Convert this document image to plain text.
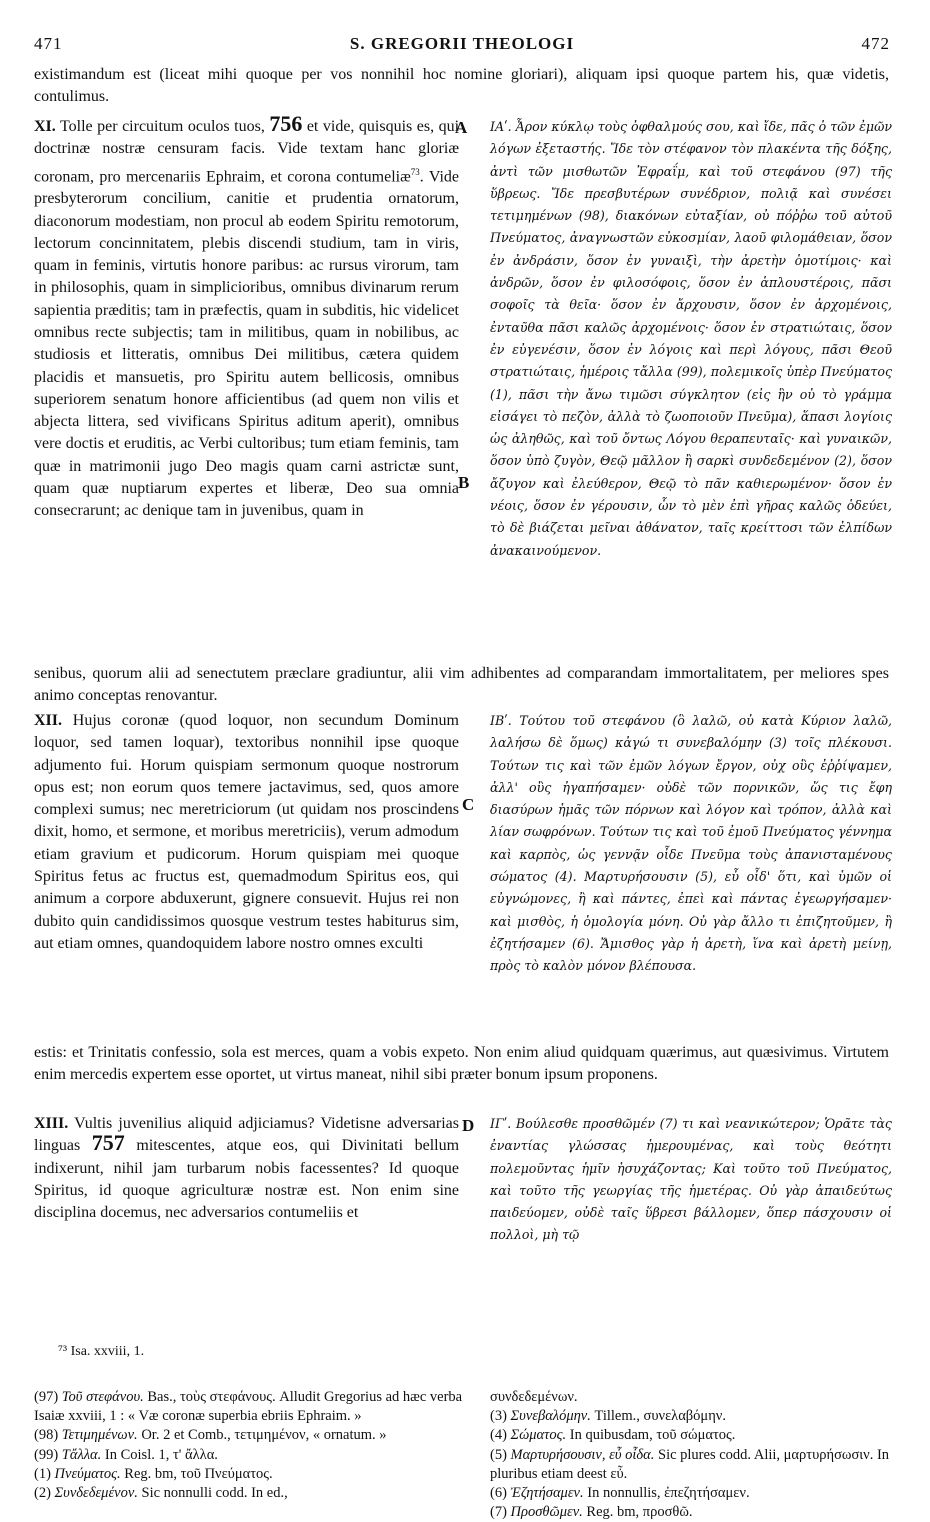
471	S. GREGORII THEOLOGI	472
existimandum est (liceat mihi quoque per vos nonnihil hoc nomine gloriari), aliquam ipsi quoque partem his, quæ videtis, contulimus.
XI. Tolle per circuitum oculos tuos, 756 et vide, quisquis es, qui doctrinæ nostræ censuram facis. Vide textam hanc gloriæ coronam, pro mercenariis Ephraim, et corona contumeliæ$^{73}$. Vide presbyterorum concilium, canitie et prudentia ornatorum, diaconorum modestiam, non procul ab eodem Spiritu remotorum, lectorum concinnitatem, plebis discendi studium, tam in viris, quam in feminis, virtutis honore paribus: ac rursus virorum, tam in philosophis, quam in simplicioribus, omnibus divinarum rerum sapientia præditis; tam in præfectis, quam in subditis, hic videlicet omnibus recte subjectis; tam in militibus, quam in nobilibus, ac studiosis et litteratis, omnibus Dei militibus, cætera quidem placidis et mansuetis, pro Spiritu autem bellicosis, omnibus superiorem senatum honore afficientibus (ad quem non vilis et abjecta littera, sed vivificans Spiritus aditum aperit), omnibus vere doctis et eruditis, ac Verbi cultoribus; tum etiam feminis, tam quæ in matrimonii jugo Deo magis quam carni astrictæ sunt, quam quæ nuptiarum expertes et liberæ, Deo sua omnia consecrarunt; ac denique tam in juvenibus, quam in
ΙΑʹ. Ἆρον κύκλῳ τοὺς ὀφθαλμούς σου, καὶ ἴδε, πᾶς ὁ τῶν ἐμῶν λόγων ἐξεταστής. Ἴδε τὸν στέφανον τὸν πλακέντα τῆς δόξης, ἀντὶ τῶν μισθωτῶν Ἐφραΐμ, καὶ τοῦ στεφάνου (97) τῆς ὕβρεως. Ἴδε πρεσβυτέρων συνέδριον, πολιᾷ καὶ συνέσει τετιμημένων (98), διακόνων εὐταξίαν, οὐ πόῤῥω τοῦ αὐτοῦ Πνεύματος, ἀναγνωστῶν εὐκοσμίαν, λαοῦ φιλομάθειαν, ὅσον ἐν ἀνδράσιν, ὅσον ἐν γυναιξὶ, τὴν ἀρετὴν ὁμοτίμοις· καὶ ἀνδρῶν, ὅσον ἐν φιλοσόφοις, ὅσον ἐν ἁπλουστέροις, πᾶσι σοφοῖς τὰ θεῖα· ὅσον ἐν ἄρχουσιν, ὅσον ἐν ἀρχομένοις, ἐνταῦθα πᾶσι καλῶς ἀρχομένοις· ὅσον ἐν στρατιώταις, ὅσον ἐν εὐγενέσιν, ὅσον ἐν λόγοις καὶ περὶ λόγους, πᾶσι Θεοῦ στρατιώταις, ἡμέροις τἄλλα (99), πολεμικοῖς ὑπὲρ Πνεύματος (1), πᾶσι τὴν ἄνω τιμῶσι σύγκλητον (εἰς ἣν οὐ τὸ γράμμα εἰσάγει τὸ πεζὸν, ἀλλὰ τὸ ζωοποιοῦν Πνεῦμα), ἅπασι λογίοις ὡς ἀληθῶς, καὶ τοῦ ὄντως Λόγου θεραπευταῖς· καὶ γυναικῶν, ὅσον ὑπὸ ζυγὸν, Θεῷ μᾶλλον ἢ σαρκὶ συνδεδεμένον (2), ὅσον ἄζυγον καὶ ἐλεύθερον, Θεῷ τὸ πᾶν καθιερωμένον· ὅσον ἐν νέοις, ὅσον ἐν γέρουσιν, ὧν τὸ μὲν ἐπὶ γῆρας καλῶς ὁδεύει, τὸ δὲ βιάζεται μεῖναι ἀθάνατον, ταῖς κρείττοσι τῶν ἐλπίδων ἀνακαινούμενον.
senibus, quorum alii ad senectutem præclare gradiuntur, alii vim adhibentes ad comparandam immortalitatem, per meliores spes animo conceptas renovantur.
XII. Hujus coronæ (quod loquor, non secundum Dominum loquor, sed tamen loquar), textoribus nonnihil ipse quoque adjumento fui. Horum quispiam sermonum quoque nostrorum opus est; non eorum quos temere jactavimus, sed, quos amore complexi sumus; nec meretriciorum (ut quidam nos proscindens dixit, homo, et sermone, et moribus meretriciis), verum admodum etiam gravium et pudicorum. Horum quispiam mei quoque Spiritus fetus ac fructus est, quemadmodum Spiritus eos, qui animum a corpore abduxerunt, gignere consuevit. Hujus rei non dubito quin candidissimos quosque vestrum testes habiturus sim, aut etiam omnes, quandoquidem labore nostro omnes exculti
ΙΒʹ. Τούτου τοῦ στεφάνου (ὃ λαλῶ, οὐ κατὰ Κύριον λαλῶ, λαλήσω δὲ ὅμως) κἀγώ τι συνεβαλόμην (3) τοῖς πλέκουσι. Τούτων τις καὶ τῶν ἐμῶν λόγων ἔργον, οὐχ οὓς ἐῤῥίψαμεν, ἀλλ' οὓς ἠγαπήσαμεν· οὐδὲ τῶν πορνικῶν, ὥς τις ἔφη διασύρων ἡμᾶς τῶν πόρνων καὶ λόγον καὶ τρόπον, ἀλλὰ καὶ λίαν σωφρόνων. Τούτων τις καὶ τοῦ ἐμοῦ Πνεύματος γέννημα καὶ καρπὸς, ὡς γεννᾷν οἶδε Πνεῦμα τοὺς ἀπανισταμένους σώματος (4). Μαρτυρήσουσιν (5), εὖ οἶδ' ὅτι, καὶ ὑμῶν οἱ εὐγνώμονες, ἢ καὶ πάντες, ἐπεὶ καὶ πάντας ἐγεωργήσαμεν· καὶ μισθὸς, ἡ ὁμολογία μόνη. Οὐ γὰρ ἄλλο τι ἐπιζητοῦμεν, ἢ ἐζητήσαμεν (6). Ἄμισθος γὰρ ἡ ἀρετὴ, ἵνα καὶ ἀρετὴ μείνῃ, πρὸς τὸ καλὸν μόνον βλέπουσα.
estis: et Trinitatis confessio, sola est merces, quam a vobis expeto. Non enim aliud quidquam quærimus, aut quæsivimus. Virtutem enim mercedis expertem esse oportet, ut virtus maneat, nihil sibi præter bonum ipsum proponens.
XIII. Vultis juvenilius aliquid adjiciamus? Videtisne adversarias linguas 757 mitescentes, atque eos, qui Divinitati bellum indixerunt, nihil jam turbarum nobis facessentes? Id quoque Spiritus, id quoque agriculturæ nostræ est. Non enim sine disciplina docemus, nec adversarios contumeliis et
ΙΓʹ. Βούλεσθε προσθῶμέν (7) τι καὶ νεανικώτερον; Ὁρᾶτε τὰς ἐναντίας γλώσσας ἡμερουμένας, καὶ τοὺς θεότητι πολεμοῦντας ἡμῖν ἡσυχάζοντας; Καὶ τοῦτο τοῦ Πνεύματος, καὶ τοῦτο τῆς γεωργίας τῆς ἡμετέρας. Οὐ γὰρ ἀπαιδεύτως παιδεύομεν, οὐδὲ ταῖς ὕβρεσι βάλλομεν, ὅπερ πάσχουσιν οἱ πολλοὶ, μὴ τῷ
A
B
C
D
⁷³ Isa. xxviii, 1.
(97) Τοῦ στεφάνου. Bas., τοὺς στεφάνους. Alludit Gregorius ad hæc verba Isaiæ xxviii, 1 : « Væ coronæ superbia ebriis Ephraim. »
(98) Τετιμημένων. Or. 2 et Comb., τετιμημένον, « ornatum. »
(99) Τἄλλα. In Coisl. 1, τ' ἄλλα.
(1) Πνεύματος. Reg. bm, τοῦ Πνεύματος.
(2) Συνδεδεμένον. Sic nonnulli codd. In ed.,
συνδεδεμένων.
(3) Συνεβαλόμην. Tillem., συνελαβόμην.
(4) Σώματος. In quibusdam, τοῦ σώματος.
(5) Μαρτυρήσουσιν, εὖ οἶδα. Sic plures codd. Alii, μαρτυρήσωσιν. In pluribus etiam deest εὖ.
(6) Ἐζητήσαμεν. In nonnullis, ἐπεζητήσαμεν.
(7) Προσθῶμεν. Reg. bm, προσθῶ.
